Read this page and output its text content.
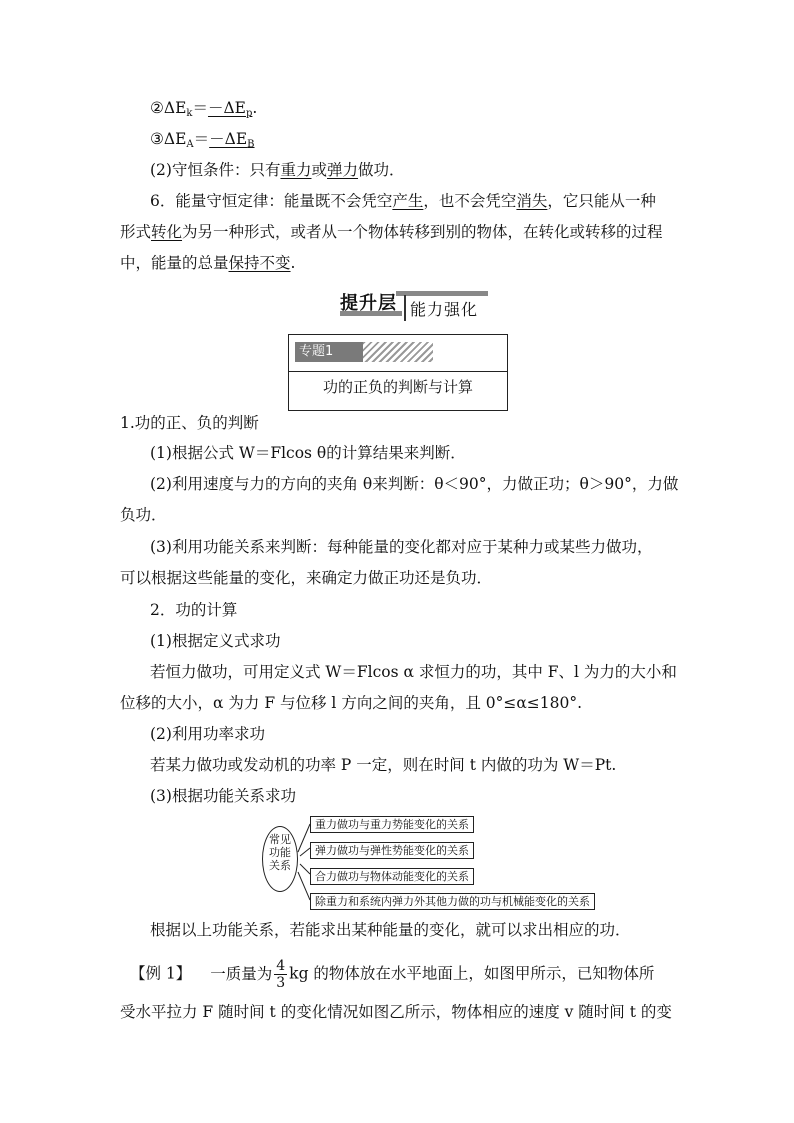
$②\Delta E_k=-\Delta E_p$.
$③\Delta E_A=-\Delta E_B$
(2)守恒条件：只有重力或弹力做功．
6．能量守恒定律：能量既不会凭空产生，也不会凭空消失，它只能从一种
形式转化为另一种形式，或者从一个物体转移到别的物体，在转化或转移的过程
中，能量的总量保持不变.
提升层 能力强化
专题1
功的正负的判断与计算
1.功的正、负的判断
(1)根据公式 W＝Flcos θ的计算结果来判断．
(2)利用速度与力的方向的夹角 θ来判断：θ＜90°，力做正功；θ＞90°，力做
负功．
(3)利用功能关系来判断：每种能量的变化都对应于某种力或某些力做功，
可以根据这些能量的变化，来确定力做正功还是负功．
2．功的计算
(1)根据定义式求功
若恒力做功，可用定义式 W＝Flcos α 求恒力的功，其中 F、l 为力的大小和
位移的大小，α 为力 F 与位移 l 方向之间的夹角，且 0°≤α≤180°.
(2)利用功率求功
若某力做功或发动机的功率 P 一定，则在时间 t 内做的功为 W＝Pt.
(3)根据功能关系求功
常见
功能
关系
重力做功与重力势能变化的关系
弹力做功与弹性势能变化的关系
合力做功与物体动能变化的关系
除重力和系统内弹力外其他力做的功与机械能变化的关系
根据以上功能关系，若能求出某种能量的变化，就可以求出相应的功．
【例 1】 一质量为 $\frac{4}{3}$ kg 的物体放在水平地面上，如图甲所示，已知物体所
受水平拉力 F 随时间 t 的变化情况如图乙所示，物体相应的速度 v 随时间 t 的变
